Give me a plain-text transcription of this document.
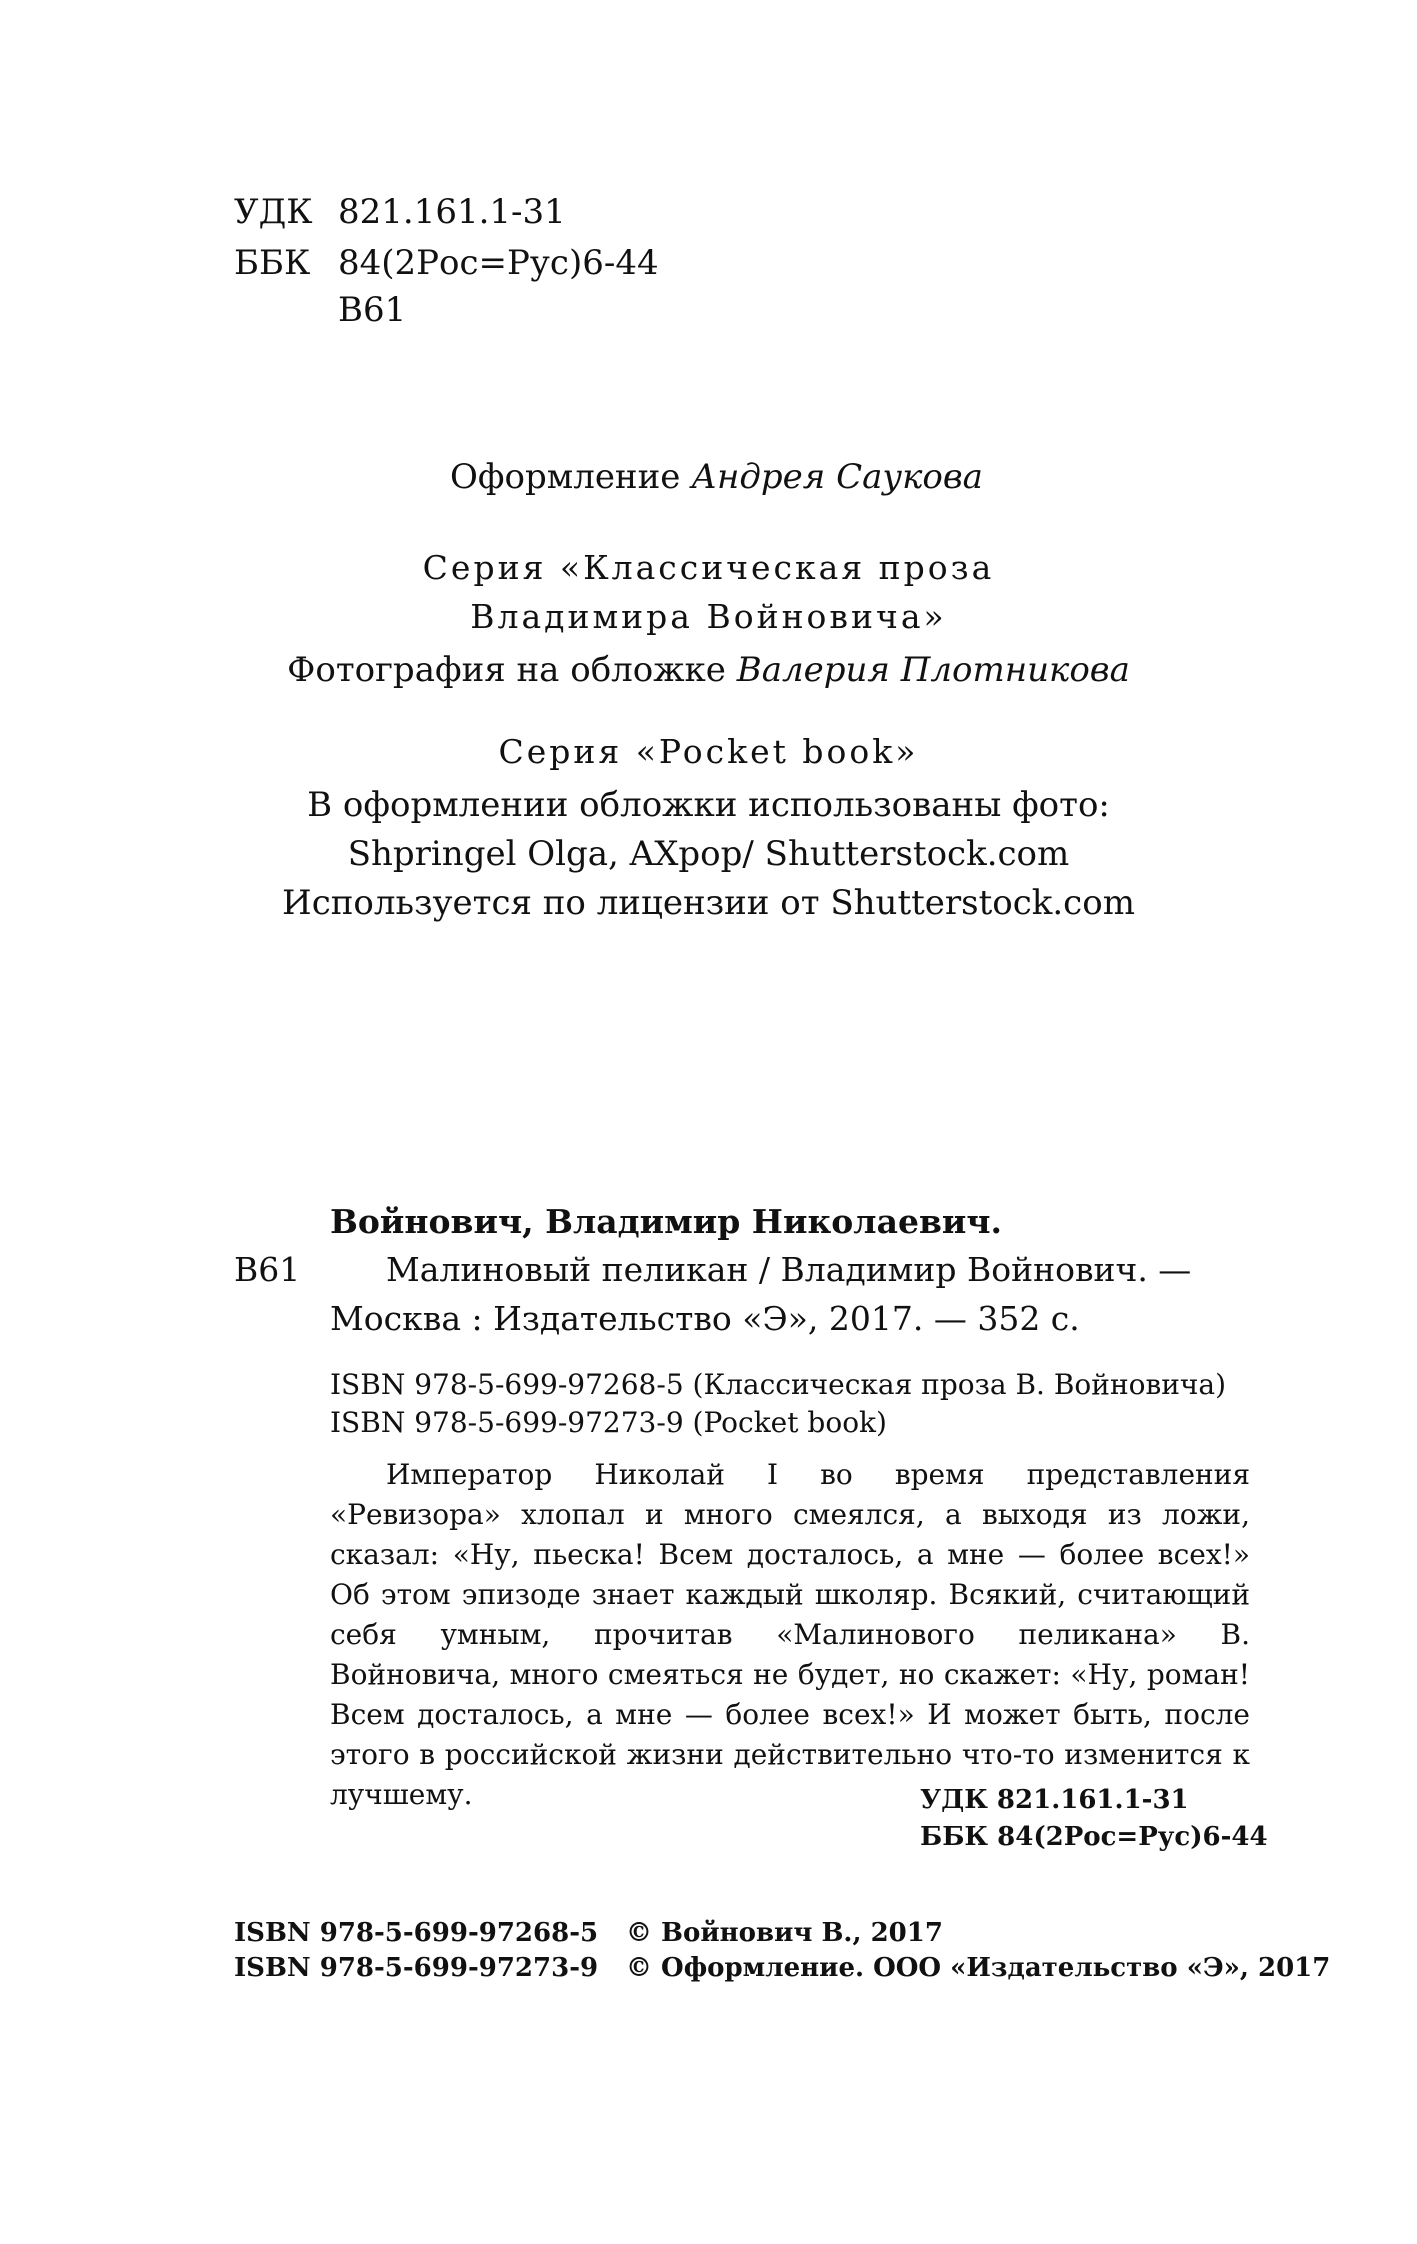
УДК 821.161.1-31
ББК 84(2Рос=Рус)6-44
В61
Оформление Андрея Саукова
Серия «Классическая проза
Владимира Войновича»
Фотография на обложке Валерия Плотникова
Серия «Pocket book»
В оформлении обложки использованы фото:
Shpringel Olga, AXpop/ Shutterstock.com
Используется по лицензии от Shutterstock.com
Войнович, Владимир Николаевич.
В61	Малиновый пеликан / Владимир Войнович. —
Москва : Издательство «Э», 2017. — 352 с.
ISBN 978-5-699-97268-5 (Классическая проза В. Войновича)
ISBN 978-5-699-97273-9 (Pocket book)

Император Николай I во время представления «Ревизора» хлопал и много смеялся, а выходя из ложи, сказал: «Ну, пьеска! Всем досталось, а мне — более всех!» Об этом эпизоде знает каждый школяр. Всякий, считающий себя умным, прочитав «Малинового пеликана» В. Войновича, много смеяться не будет, но скажет: «Ну, роман! Всем досталось, а мне — более всех!» И может быть, после этого в российской жизни действительно что-то изменится к лучшему.	УДК 821.161.1-31
ББК 84(2Рос=Рус)6-44
ISBN 978-5-699-97268-5
ISBN 978-5-699-97273-9
© Войнович В., 2017
© Оформление. ООО «Издательство «Э», 2017
